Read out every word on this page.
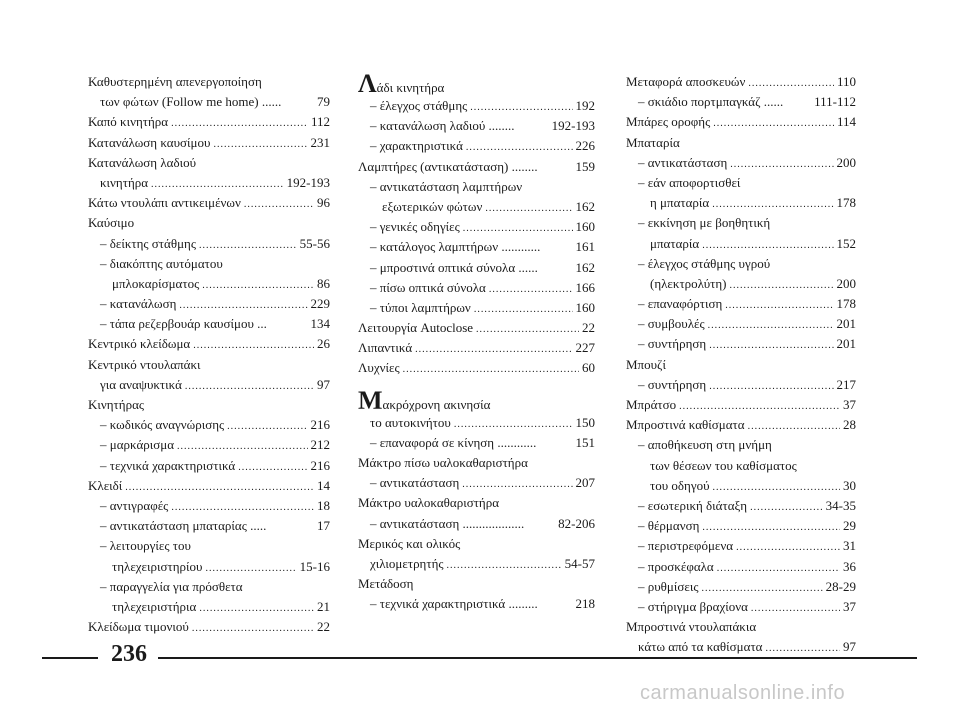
Καθυστερημένη απενεργοποίηση
των φώτων (Follow me home) ......	79
Καπό κινητήρα .....	112
Κατανάλωση καυσίμου .....	231
Κατανάλωση λαδιού
κινητήρα .....	192-193
Κάτω ντουλάπι αντικειμένων .....	96
Καύσιμο
– δείκτης στάθμης .....	55-56
– διακόπτης αυτόματου
μπλοκαρίσματος .....	86
– κατανάλωση .....	229
– τάπα ρεζερβουάρ καυσίμου ...	134
Κεντρικό κλείδωμα .....	26
Κεντρικό ντουλαπάκι
για αναψυκτικά .....	97
Κινητήρας
– κωδικός αναγνώρισης .....	216
– μαρκάρισμα .....	212
– τεχνικά χαρακτηριστικά .....	216
Κλειδί .....	14
– αντιγραφές .....	18
– αντικατάσταση μπαταρίας .....	17
– λειτουργίες του
τηλεχειριστηρίου .....	15-16
– παραγγελία για πρόσθετα
τηλεχειριστήρια .....	21
Κλείδωμα τιμονιού .....	22
Λάδι κινητήρα
– έλεγχος στάθμης .....	192
– κατανάλωση λαδιού ........	192-193
– χαρακτηριστικά .....	226
Λαμπτήρες (αντικατάσταση) ........	159
– αντικατάσταση λαμπτήρων
εξωτερικών φώτων .....	162
– γενικές οδηγίες .....	160
– κατάλογος λαμπτήρων ............	161
– μπροστινά οπτικά σύνολα ......	162
– πίσω οπτικά σύνολα .....	166
– τύποι λαμπτήρων .....	160
Λειτουργία Autoclose .....	22
Λιπαντικά .....	227
Λυχνίες .....	60
Μακρόχρονη ακινησία
το αυτοκινήτου .....	150
– επαναφορά σε κίνηση ............	151
Μάκτρο πίσω υαλοκαθαριστήρα
– αντικατάσταση .....	207
Μάκτρο υαλοκαθαριστήρα
– αντικατάσταση ...................	82-206
Μερικός και ολικός
χιλιομετρητής .....	54-57
Μετάδοση
– τεχνικά χαρακτηριστικά .........	218
Μεταφορά αποσκευών .....	110
– σκιάδιο πορτμπαγκάζ ...... 111-112
Μπάρες οροφής .....	114
Μπαταρία
– αντικατάσταση .....	200
– εάν αποφορτισθεί
η μπαταρία .....	178
– εκκίνηση με βοηθητική
μπαταρία .....	152
– έλεγχος στάθμης υγρού
(ηλεκτρολύτη) .....	200
– επαναφόρτιση .....	178
– συμβουλές .....	201
– συντήρηση .....	201
Μπουζί
– συντήρηση .....	217
Μπράτσο .....	37
Μπροστινά καθίσματα .....	28
– αποθήκευση στη μνήμη
των θέσεων του καθίσματος
του οδηγού .....	30
– εσωτερική διάταξη .....	34-35
– θέρμανση .....	29
– περιστρεφόμενα .....	31
– προσκέφαλα .....	36
– ρυθμίσεις .....	28-29
– στήριγμα βραχίονα .....	37
Μπροστινά ντουλαπάκια
κάτω από τα καθίσματα .....	97
236
carmanualsonline.info
